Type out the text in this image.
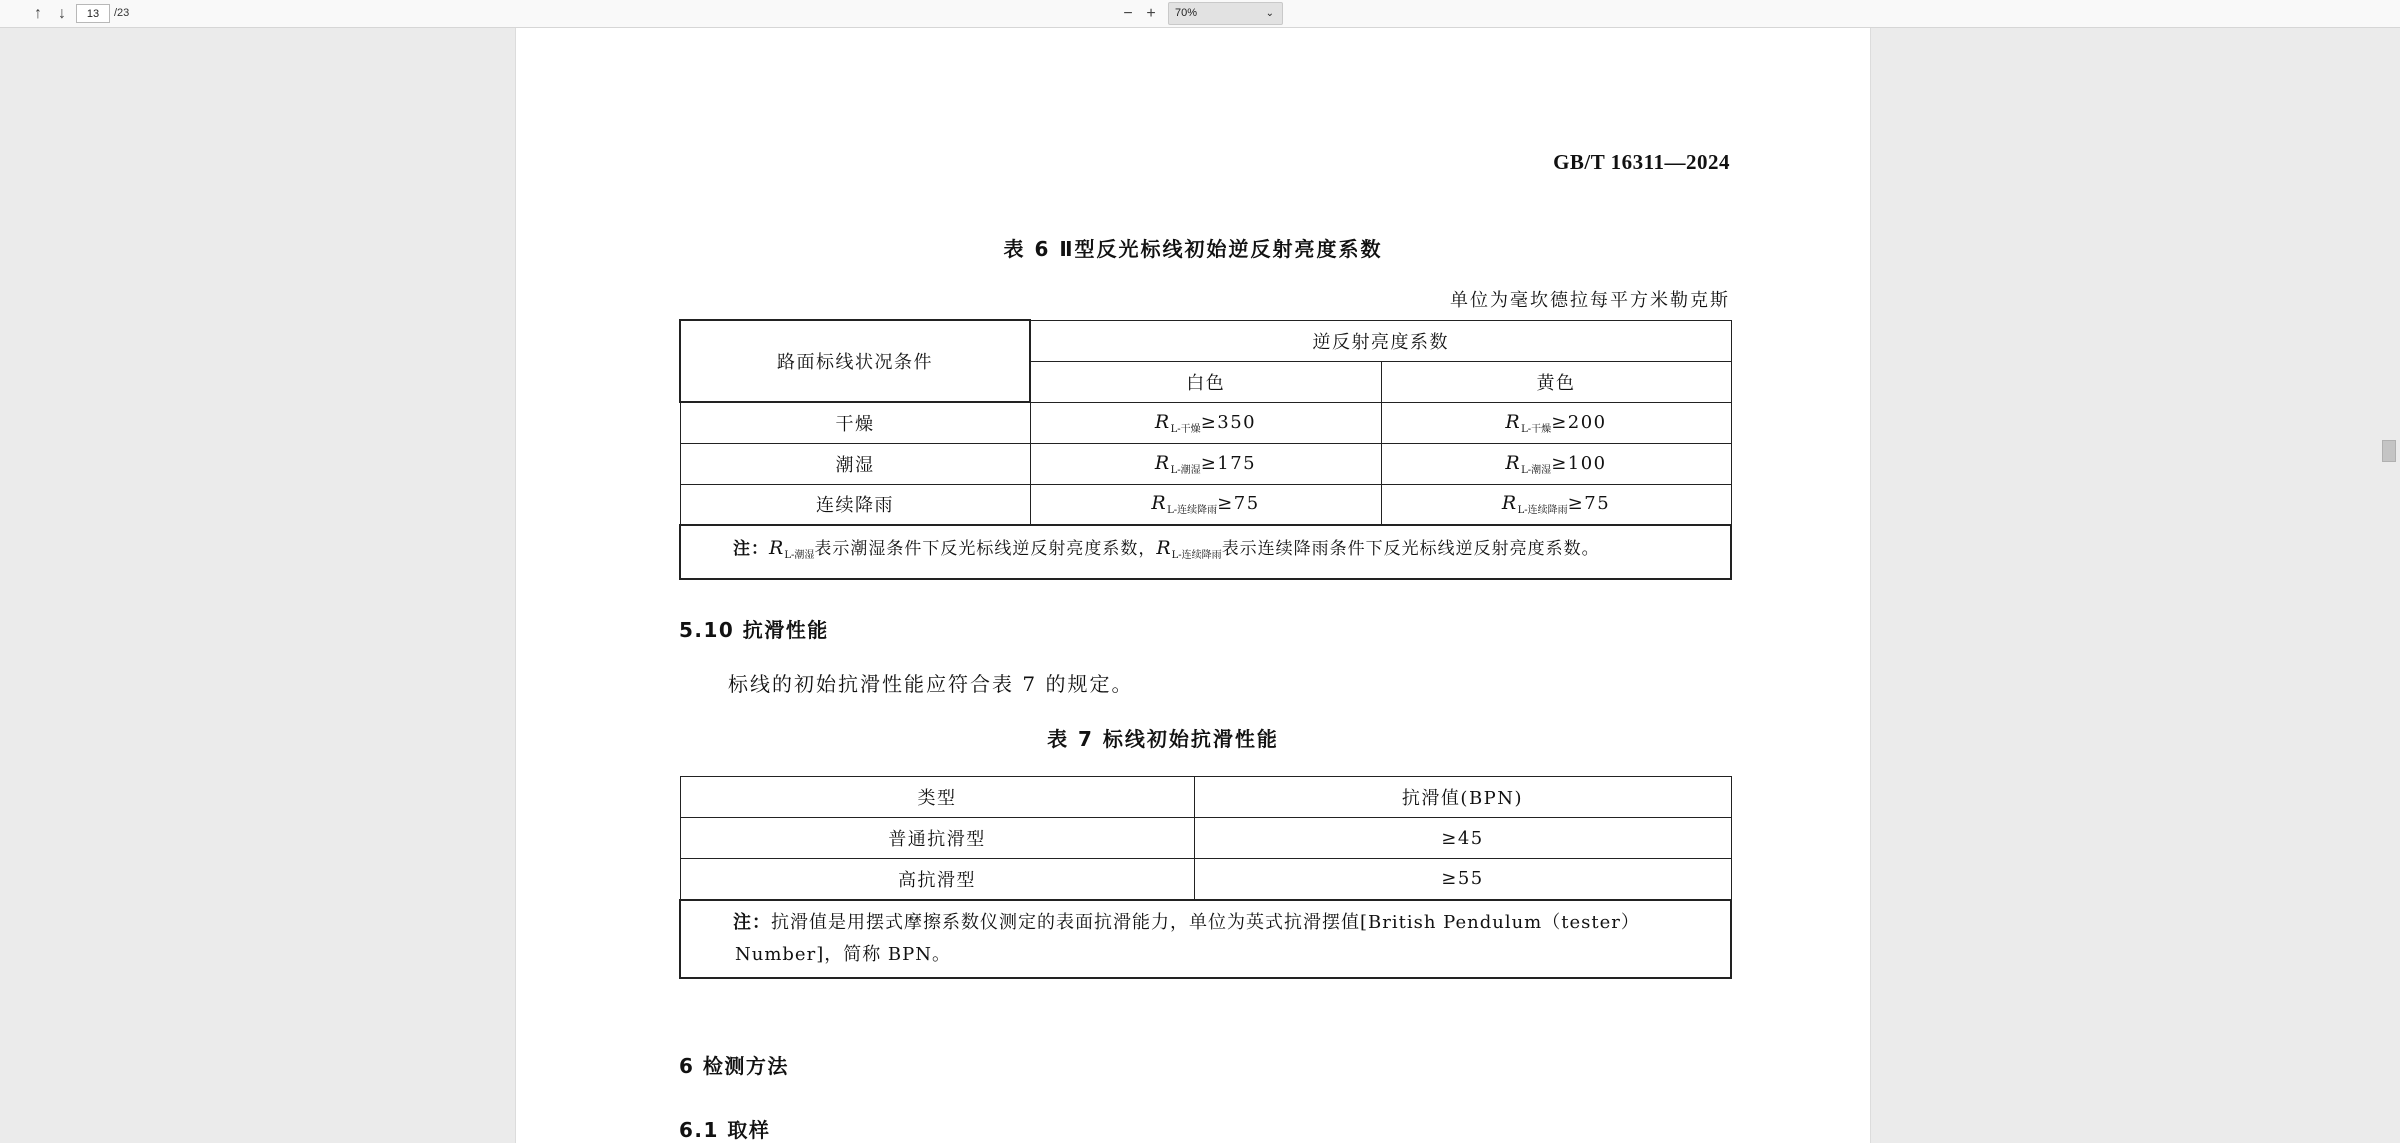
↑	↓
13	/23	− +	70%	⌄
GB/T 16311—2024
表 6 Ⅱ型反光标线初始逆反射亮度系数
单位为毫坎德拉每平方米勒克斯
路面标线状况条件	逆反射亮度系数	
	白色	黄色
干燥	$R_{L-干燥}\ge 350$	$R_{L-干燥}\ge 200$
潮湿	$R_{L-潮湿}\ge 175$	$R_{L-潮湿}\ge 100$
连续降雨	$R_{L-连续降雨}\ge 75$	$R_{L-连续降雨}\ge 75$
注：$R_{L-潮湿}$表示潮湿条件下反光标线逆反射亮度系数，$R_{L-连续降雨}$表示连续降雨条件下反光标线逆反射亮度系数。		
5.10 抗滑性能
标线的初始抗滑性能应符合表 7 的规定。
表 7 标线初始抗滑性能
类型	抗滑值(BPN)
普通抗滑型	≥45
高抗滑型	≥55
注：抗滑值是用摆式摩擦系数仪测定的表面抗滑能力，单位为英式抗滑摆值[British Pendulum（tester）Number]，简称 BPN。	
6 检测方法
6.1 取样
